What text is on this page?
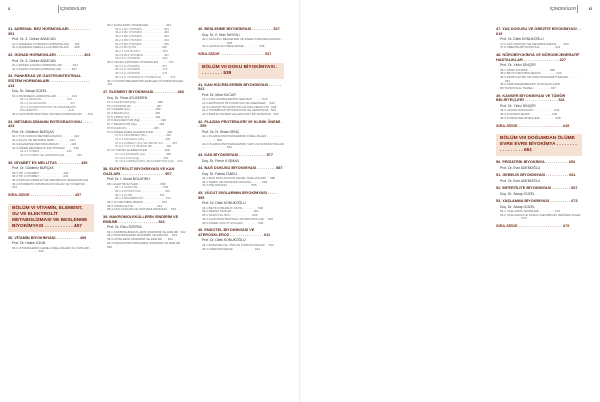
x	İÇİNDEKİLER
31. ADRENAL BEZ HORMONLARI . . . . . . . . . . 391
Prof. Dr. Z. Gülnur ANDICAN
31.1 ADRENAL KORTEKS HORMONLARI . . . 391
31.2 ADRENAL MEDULLA HORMONLARI . . . 398
32. GONAD HORMONLARI . . . . . . . . . . . . . 403
Prof. Dr. Z. Gülnur ANDICAN
32.1 ERKEK GONAD HORMONLARI . . . . . . 404
32.2 KADIN GONAD HORMONLARI . . . . . . 407
33. PANKREAS VE GASTROINTESTİNAL SİSTEM HORMONLARI . . . . . . . . . . . . . . . . . . . 413
Doç. Dr. Savaş GÜZEL
33.1 PANKREAS HORMONLARI . . . . . . . . . 413
33.1.1 İNSÜLİN . . . . . . . . . . . . . . . 414
33.1.2 GLUKAGON . . . . . . . . . . . . . . 417
33.1.3 SOMATOSTATİN VE PANKREATİK POLİPEPTİD . . . . . . . . . . . . . . . . . . 418
33.2 GASTROİNTESTİNAL SİSTEM HORMONLARI . . . 419
34. METABOLİZMANIN ENTEGRASYONU . . . . . 423
Prof. Dr. Güldeniz BURÇAK
34.1 TOK DURUM METABOLİZMASI . . . . . . . 424
34.2 AÇLIK VE METABOLİZMA . . . . . . . . . 424
34.3 EGZERSİZ METABOLİZMASI . . . . . . . 428
34.4 DİĞER METABOLİK FAKTÖRLER . . . . . 429
34.4.1 STRES . . . . . . . . . . . . . . . . 432
34.4.2 STRES VE HORMONLAR . . . . . . . 432
35. DİYABET ES MELLİTUS . . . . . . . . . . . 439
Prof. Dr. Güldeniz BURÇAK
35.1 TİP 1 DİYABET . . . . . . . . . . . . . . 440
35.2 TİP 2 DİYABET . . . . . . . . . . . . . . 441
35.3 İNSÜLİN DİRENCİ VE METABOLİK SENDROM 442
35.4 DİYABETİK KOMPLİKASYONLAR VE YÖNETİMİ . . . 444
SIRA-SİZDE . . . . . . . . . . . . . . . . . . . . . 457
BÖLÜM VI VİTAMİN, ELEMENT, SU VE ELEKTROLİT METABOLİZMASI VE BESLENME BİYOKİMYASI . . . . . . . . . . . 457
36. VİTAMİN BİYOKİMYASI . . . . . . . . . . . 459
Prof. Dr. Hatice UZUN
36.1 VİTAMİNLERİN GENEL ÖZELLİKLERİ VE YAPILARI . . . . . . . . . . . . . . . . . . 460
36.2 SUDA ERİR VİTAMİNLER . . . . . . . . . . 461
36.2.1 B1 VİTAMİNİ . . . . . . . . . . . . . 461
36.2.2 B2 VİTAMİNİ . . . . . . . . . . . . . 462
36.2.3 B3 VİTAMİNİ . . . . . . . . . . . . . 463
36.2.4 B5 VİTAMİNİ . . . . . . . . . . . . . 464
36.2.5 B6 VİTAMİNİ . . . . . . . . . . . . . 465
36.2.6 BİYOTİN . . . . . . . . . . . . . . . 466
36.2.7 FOLİK ASİT . . . . . . . . . . . . . 466
36.2.8 B12 VİTAMİNİ . . . . . . . . . . . . 467
36.2.9 C VİTAMİNİ . . . . . . . . . . . . . 469
36.3 YAĞDA ÇÖZÜNEN VİTAMİNLER . . . . . . 471
36.3.1 A VİTAMİNİ . . . . . . . . . . . . . 471
36.3.2 D VİTAMİNİ . . . . . . . . . . . . . 473
36.3.3 E VİTAMİNİ . . . . . . . . . . . . . 475
36.3.4 K VİTAMİNİ (K VİTAMİNİ E) . . . . . 476
36.4 VİTAMİN BENZERİ BİLEŞİKLER (VİTAMİNOİDLER) . . . 479
37. ELEMENT BİYOKİMYASI . . . . . . . . . . . 483
Doç. Dr. Pınar ATUKEREN
37.1 KALSİYUM (Ca) . . . . . . . . . . . . . 484
37.2 FOSFOR (P) . . . . . . . . . . . . . . . 487
37.3 DEMİR (Fe) . . . . . . . . . . . . . . . 488
37.4 BAKIR (Cu) . . . . . . . . . . . . . . . 491
37.5 ÇİNKO (Zn) . . . . . . . . . . . . . . . 492
37.6 MAGNEZYUM (Mg) . . . . . . . . . . . . 493
37.7 SELENYUM (Se) . . . . . . . . . . . . . 494
37.8 FLOR (F) . . . . . . . . . . . . . . . . 495
37.9 DİĞER ESER ELEMENTLER . . . . . . . . 496
37.9.1 MOLİBDEN (Mo) . . . . . . . . . . . 496
37.9.2 MANGAN (Mn) . . . . . . . . . . . . 496
37.9.3 KOBALT (Co) VE KROM (Cr) . . . . . 497
37.9.4 İYOT (I) VE BOR (B) . . . . . . . . 498
37.10 TOKSİK ELEMENTLER . . . . . . . . . . 498
37.10.1 ARSENİK (As) . . . . . . . . . . . . 498
37.10.2 CIVA (Hg) . . . . . . . . . . . . . . 499
37.10.3 KURŞUN (Pb) VE KADMİYUM (Cd) . . 504
38. ELEKTROLİT BİYOKİMYASI VE KAN GAZLARI . . . . . . . . . . . . . . . . . . . . . 507
Prof. Dr. I. Murat BOLAYIRLI
38.1 ELEKTROLİTLER . . . . . . . . . . . . . 508
38.1.1 SODYUM . . . . . . . . . . . . . . . 508
38.1.2 POTASYUM . . . . . . . . . . . . . . 510
38.1.3 KLOR . . . . . . . . . . . . . . . . 511
38.1.4 BİKARBONAT . . . . . . . . . . . . . 512
38.2 SU METABOLİZMASI . . . . . . . . . . . 513
38.3 OSMOLALİTE . . . . . . . . . . . . . . 514
38.4 KAN GAZLARI VE ASİT-BAZ DENGESİ . . 515
39. MAKROMOLEKÜLLERİN SİNDİRİM VE EMİLİMİ . . . . . . . . . . . . . . . . . . . 521
Prof. Dr. Ebru ÖZEROL
39.1 KARBONHİDRATLARIN SİNDİRİMİ VE EMİLİMİ . 522
39.2 PROTEİNLERİN SİNDİRİMİ VE EMİLİMİ . . 523
39.3 LİPİDLERİN SİNDİRİMİ VE EMİLİMİ . . . 524
39.4 NÜKLEOPROTEİNLERİN SİNDİRİMİ VE EMİLİMİ . . 526
40. BESLENME BİYOKİMYASI . . . . . . . . . . 527
Doç. Dr. E. İlker SAYGILI
40.1 SAĞLIKLI BESLENME VE ENERJİ METABOLİZMASI . . . . . . . . . . . . . . . . . 528
40.2 HASTALIKTA BESLENME . . . . . . . . . 535
SIRA-SİZDE . . . . . . . . . . . . . . . . . . . . . 537
BÖLÜM VII DOKU BİYOKİMYASI . . . . . . . . . 539
41. KAN HÜCRELERİNİN BİYOKİMYASI . . . . . . 541
Prof. Dr. Mine KUCUR
41.1 KAN HÜCRELERİNİN SENTEZİ . . . . . . 542
41.2 ERİTROSİT BİYOKİMYASI VE ANEMİLER . . 543
41.3 LÖKOSİT BİYOKİMYASI VE İNFLAMASYON . 548
41.4 TROMBOSİT BİYOKİMYASI VE HEMOSTAZ . 549
41.5 İMMÜN SİSTEM VE LENFOSİT BİYOKİMYASI . 553
42. PLAZMA PROTEİNLERİ VE KLİNİK ÖNEMİ . . 559
Prof. Dr. N. Sema GENÇ
42.1 PLAZMA PROTEİNLERİNİN ÖZELLİKLERİ . . . . . . . . . . . . . . . . . . . 560
42.2 PLAZMA PROTEİNLERİNİN YAPI VE FONKSİYONLARI . . . . . . . . . . . . . . . 561
43. KAS BİYOKİMYASI . . . . . . . . . . . . . 577
Doç. Dr. Feruh K.İŞMAN
44. BAĞ DOKUSU BİYOKİMYASI . . . . . . . . . 587
Doç. Dr. Fatma TANELİ
44.1 BAĞ DOKUSUNUN GENEL ÖZELLİKLERİ . . 588
44.2 KEMİK VE KIKIRDAK DOKUSU . . . . . . 593
44.3 DİŞ DOKUSU . . . . . . . . . . . . . . 595
45. VÜCUT SIVILARININ BİYOKİMYASI . . . . . 595
Prof. Dr. Dilek KONUKOĞLU
45.1 BEYİN OMURİLİK SIVISI . . . . . . . . . 596
45.2 SEROZ SIVILAR . . . . . . . . . . . . . 601
45.3 SİNOVYAL SIVI . . . . . . . . . . . . . 604
45.4 GASTROİNTESTİNAL SİSTEM SIVILARI . . 605
45.5 DİĞER VÜCUT SIVILARI . . . . . . . . . 606
46. ENDOTEL BİYOKİMYASI VE ATEROSKLEROZ . . . . . . . . . . . . . . . . 611
Prof. Dr. Dilek KONUKOĞLU
46.1 ENDOTELYAL YAPI VE FONKSİYONLAR . . 612
46.2 ATEROSKLEROZ . . . . . . . . . . . . . 614
İÇİNDEKİLER	xi
47. YAŞ DOKUSU VE OBEZİTE BİYOKİMYASI . . 619
Prof. Dr. Dilek KONUKOĞLU
47.1 YAĞ DOKUSU VE METABOLİZMASI . . . . 620
47.2 OBEZİTE BİYOKİMYASI . . . . . . . . . 624
48. NÖROBİYOKİMYA VE NÖRODEJENERATİF HASTALIKLAR . . . . . . . . . . . . . . . . . 627
Prof. Dr. Yıldız DİNÇER
48.1 SİNİR SİSTEMİ . . . . . . . . . . . . . 628
48.2 BEYİN METABOLİZMASI . . . . . . . . . 629
48.3 SİNİR İLETİMİ VE NÖROTRANSMİTTERLER . . . . . . . . . . . 632
48.4 NÖRODEJENERATİF HASTALIKLARIN BİYOKİMYASAL TEMELİ . . . . . . . . . . 637
49. KANSER BİYOKİMYASI VE TÜMÖR BELİRTEÇLERİ . . . . . . . . . . . . . . . . 641
Prof. Dr. Yıldız DİNÇER
49.1 HÜCRE DÖNGÜSÜ . . . . . . . . . . . . 642
49.2 KARSİNOJENEZ . . . . . . . . . . . . . 645
49.3 TÜMÖR BELİRTEÇLERİ . . . . . . . . . 648
SIRA-SİZDE . . . . . . . . . . . . . . . . . . . . . 649
BÖLÜM VIII DOĞUMDAN ÖLÜME EVRE EVRE BİYOKİMYA . . . . . . . . . . . . . . . . . 651
50. PEDİATRİK BİYOKİMYA . . . . . . . . . . . 653
Prof. Dr. Evin ADEMOĞLU
51. GEBELİK BİYOKİMYASI . . . . . . . . . . . 661
Prof. Dr. Evin ADEMOĞLU
52. İNFERTİLİTE BİYOKİMYASI . . . . . . . . . 667
Doç. Dr. Savaş GÜZEL
53. YAŞLANMA BİYOKİMYASI . . . . . . . . . . 673
Doç. Dr. Savaş GÜZEL
53.1 YAŞLANMA TEORİLERİ . . . . . . . . . 674
53.2 YAŞLANMA İLE İLİŞKİLİ METABOLİK DEĞİŞİKLİKLER . . . . . . . . . . . . . 676
SIRA-SİZDE . . . . . . . . . . . . . . . . . . . . . 679
